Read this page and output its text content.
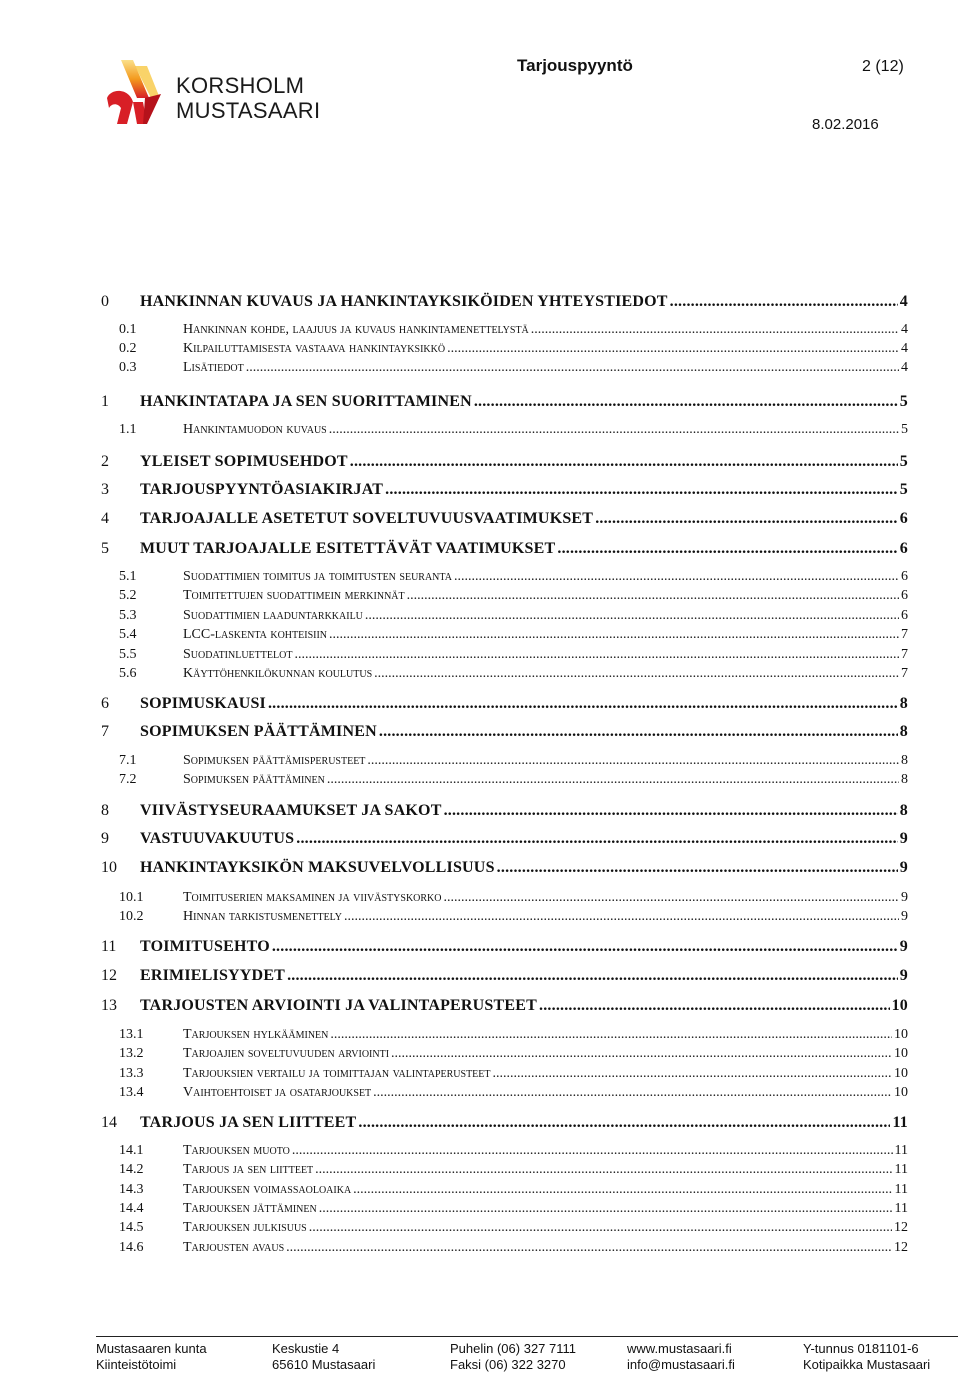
KORSHOLM
MUSTASAARI
Tarjouspyyntö	2 (12)
8.02.2016
0 HANKINNAN KUVAUS JA HANKINTAYKSIKÖIDEN YHTEYSTIEDOT .....	4
0.1	Hankinnan kohde, laajuus ja kuvaus hankintamenettelystä .....	4
0.2	Kilpailuttamisesta vastaava hankintayksikkö .....	4
0.3	Lisätiedot .....	4
1 HANKINTATAPA JA SEN SUORITTAMINEN .....	5
1.1	Hankintamuodon kuvaus .....	5
2 YLEISET SOPIMUSEHDOT .....	5
3 TARJOUSPYYNTÖASIAKIRJAT .....	5
4 TARJOAJALLE ASETETUT SOVELTUVUUSVAATIMUKSET .....	6
5 MUUT TARJOAJALLE ESITETTÄVÄT VAATIMUKSET .....	6
5.1	Suodattimien toimitus ja toimitusten seuranta .....	6
5.2	Toimitettujen suodattimein merkinnät .....	6
5.3	Suodattimien laaduntarkkailu .....	6
5.4	LCC-laskenta kohteisiin .....	7
5.5	Suodatinluettelot .....	7
5.6	Käyttöhenkilökunnan koulutus .....	7
6 SOPIMUSKAUSI .....	8
7 SOPIMUKSEN PÄÄTTÄMINEN .....	8
7.1	Sopimuksen päättämisperusteet .....	8
7.2	Sopimuksen päättäminen .....	8
8 VIIVÄSTYSEURAAMUKSET JA SAKOT .....	8
9 VASTUUVAKUUTUS .....	9
10 HANKINTAYKSIKÖN MAKSUVELVOLLISUUS .....	9
10.1	Toimituserien maksaminen ja viivästyskorko .....	9
10.2	Hinnan tarkistusmenettely .....	9
11 TOIMITUSEHTO .....	9
12 ERIMIELISYYDET .....	9
13 TARJOUSTEN ARVIOINTI JA VALINTAPERUSTEET .....	10
13.1	Tarjouksen hylkääminen .....	10
13.2	Tarjoajien soveltuvuuden arviointi .....	10
13.3	Tarjouksien vertailu ja toimittajan valintaperusteet .....	10
13.4	Vaihtoehtoiset ja osatarjoukset .....	10
14 TARJOUS JA SEN LIITTEET .....	11
14.1	Tarjouksen muoto .....	11
14.2	Tarjous ja sen liitteet .....	11
14.3	Tarjouksen voimassaoloaika .....	11
14.4	Tarjouksen jättäminen .....	11
14.5	Tarjouksen julkisuus .....	12
14.6	Tarjousten avaus .....	12
Mustasaaren kunta
Kiinteistötoimi
Keskustie 4
65610 Mustasaari
Puhelin (06) 327 7111
Faksi (06) 322 3270
www.mustasaari.fi
info@mustasaari.fi
Y-tunnus 0181101-6
Kotipaikka Mustasaari
